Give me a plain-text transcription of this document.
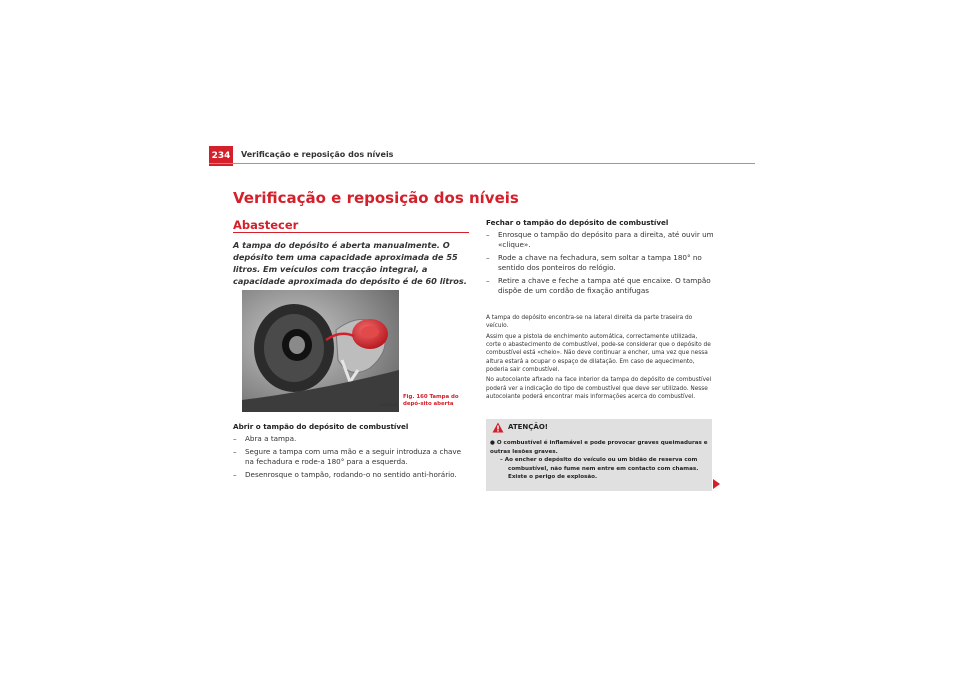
234	Verificação e reposição dos níveis
Verificação e reposição dos níveis
Abastecer
A tampa do depósito é aberta manualmente. O depósito tem uma capacidade aproximada de 55 litros. Em veículos com tracção integral, a capacidade aproximada do depósito é de 60 litros.
Fig. 160 Tampa do depó-sito aberta
B5P-0442
Abrir o tampão do depósito de combustível
– Abra a tampa.
– Segure a tampa com uma mão e a seguir introduza a chave na fechadura e rode-a 180° para a esquerda.
– Desenrosque o tampão, rodando-o no sentido anti-horário.
Fechar o tampão do depósito de combustível
– Enrosque o tampão do depósito para a direita, até ouvir um «clique».
– Rode a chave na fechadura, sem soltar a tampa 180° no sentido dos ponteiros do relógio.
– Retire a chave e feche a tampa até que encaixe. O tampão dispõe de um cordão de fixação antifugas

A tampa do depósito encontra-se na lateral direita da parte traseira do veículo.

Assim que a pistola de enchimento automática, correctamente utilizada, corte o abastecimento de combustível, pode-se considerar que o depósito de combustível está «cheio». Não deve continuar a encher, uma vez que nessa altura estará a ocupar o espaço de dilatação. Em caso de aquecimento, poderia sair combustível.

No autocolante afixado na face interior da tampa do depósito de combustível poderá ver a indicação do tipo de combustível que deve ser utilizado. Nesse autocolante poderá encontrar mais informações acerca do combustível.

ATENÇÃO!
● O combustível é inflamável e pode provocar graves queimaduras e outras lesões graves.
– Ao encher o depósito do veículo ou um bidão de reserva com combustível, não fume nem entre em contacto com chamas. Existe o perigo de explosão.
